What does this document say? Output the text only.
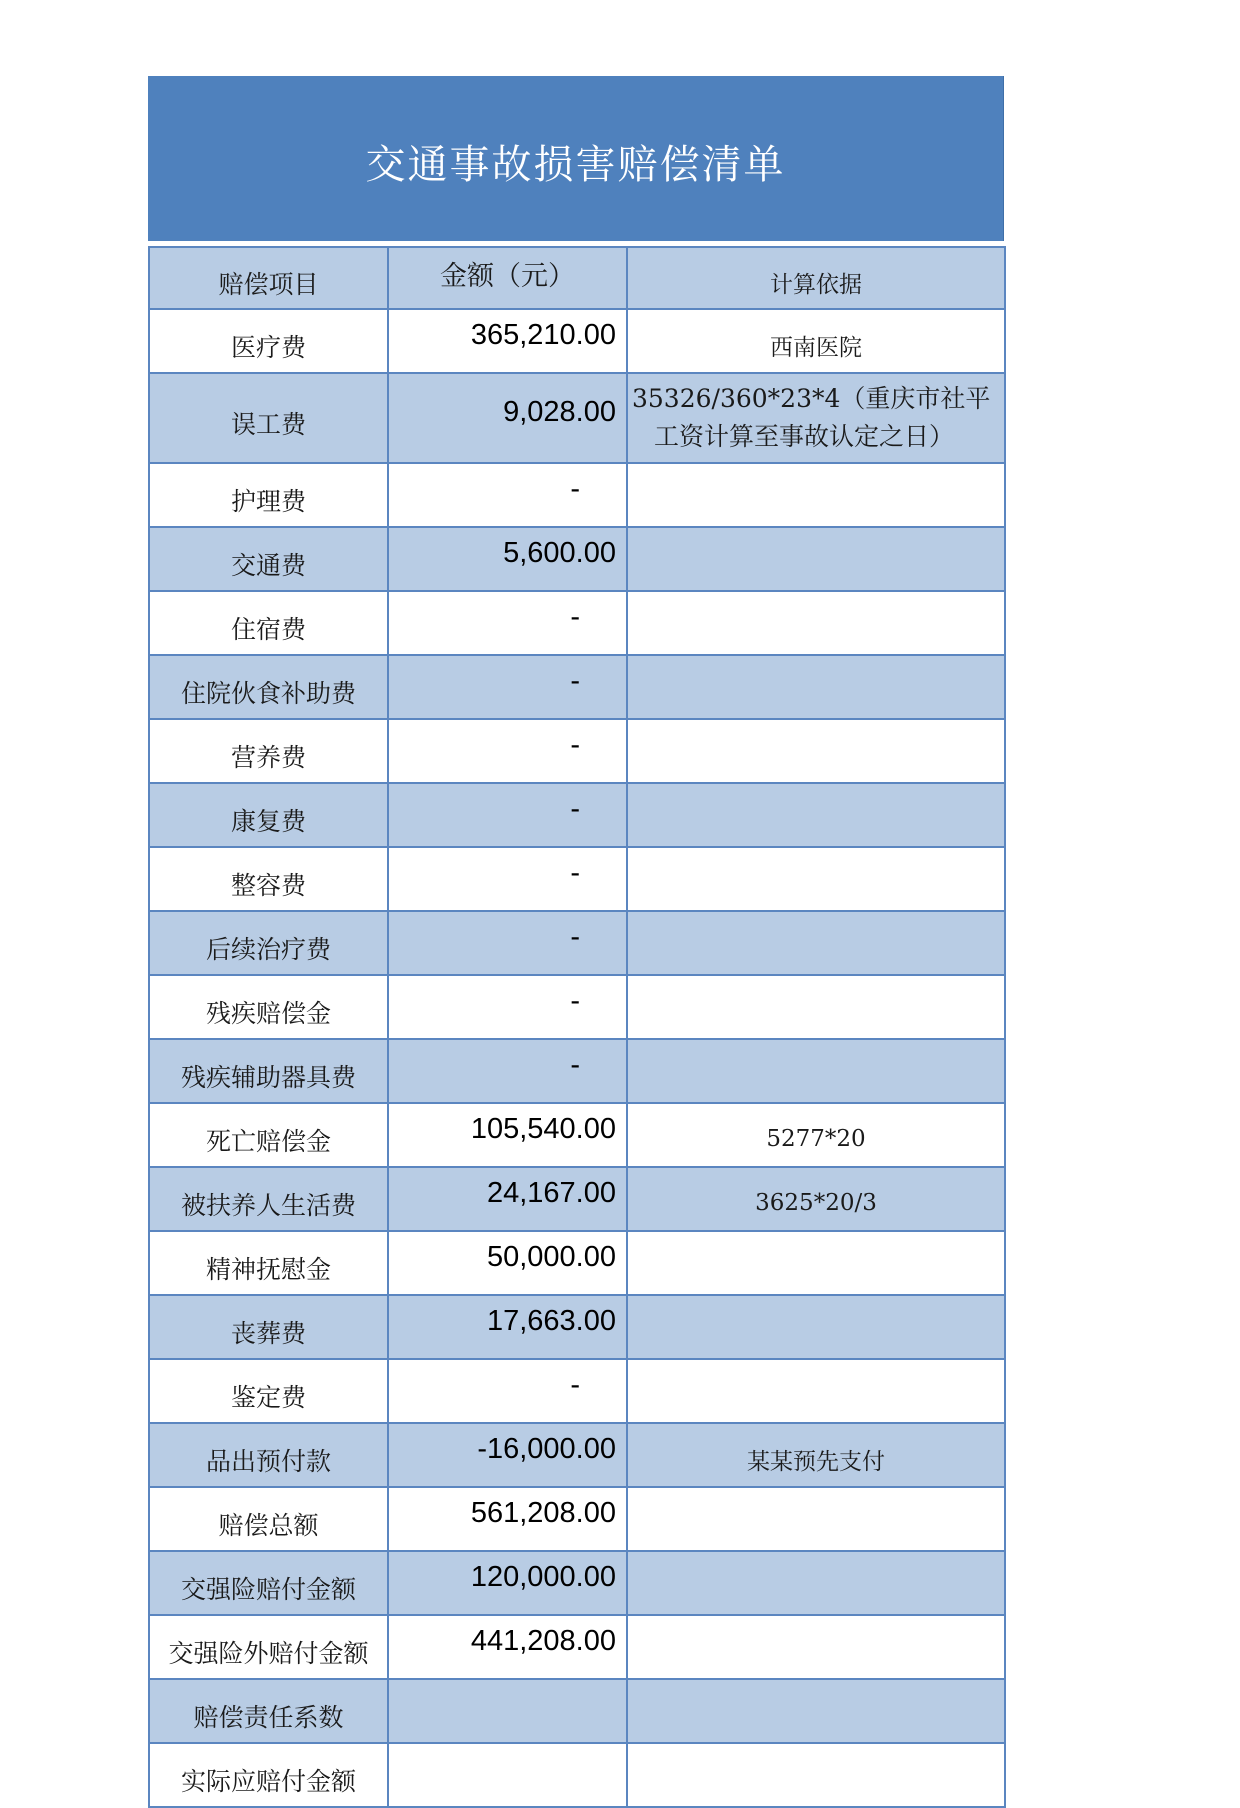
交通事故损害赔偿清单
赔偿项目	金额（元）	计算依据
医疗费	365,210.00	西南医院
误工费	9,028.00	35326/360*23*4（重庆市社平
工资计算至事故认定之日）

护理费	-	
交通费	5,600.00	
住宿费	-	
住院伙食补助费	-	
营养费	-	
康复费	-	
整容费	-	
后续治疗费	-	
残疾赔偿金	-	
残疾辅助器具费	-	
死亡赔偿金	105,540.00	5277*20
被扶养人生活费	24,167.00	3625*20/3
精神抚慰金	50,000.00	
丧葬费	17,663.00	
鉴定费	-	
品出预付款	-16,000.00	某某预先支付
赔偿总额	561,208.00	
交强险赔付金额	120,000.00	
交强险外赔付金额	441,208.00	
赔偿责任系数		
实际应赔付金额		
